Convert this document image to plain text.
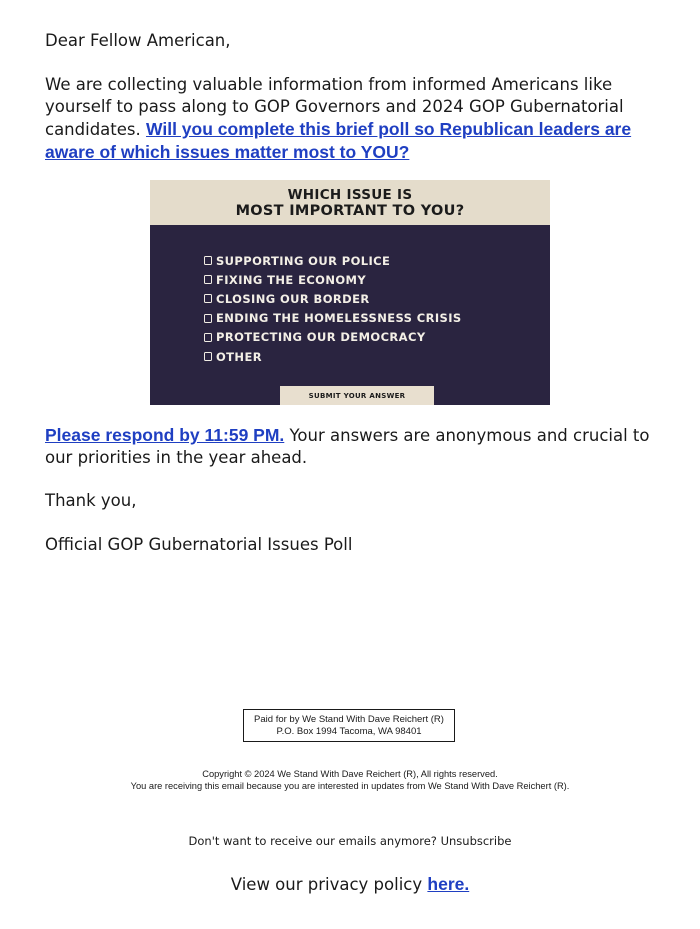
Dear Fellow American,

We are collecting valuable information from informed Americans like yourself to pass along to GOP Governors and 2024 GOP Gubernatorial candidates. Will you complete this brief poll so Republican leaders are aware of which issues matter most to YOU?

WHICH ISSUE IS
MOST IMPORTANT TO YOU?
SUPPORTING OUR POLICE
FIXING THE ECONOMY
CLOSING OUR BORDER
ENDING THE HOMELESSNESS CRISIS
PROTECTING OUR DEMOCRACY
OTHER
SUBMIT YOUR ANSWER

Please respond by 11:59 PM. Your answers are anonymous and crucial to our priorities in the year ahead.

Thank you,

Official GOP Gubernatorial Issues Poll

Paid for by We Stand With Dave Reichert (R)
P.O. Box 1994 Tacoma, WA 98401
Copyright © 2024 We Stand With Dave Reichert (R), All rights reserved.
You are receiving this email because you are interested in updates from We Stand With Dave Reichert (R).
Don't want to receive our emails anymore? Unsubscribe
View our privacy policy here.
